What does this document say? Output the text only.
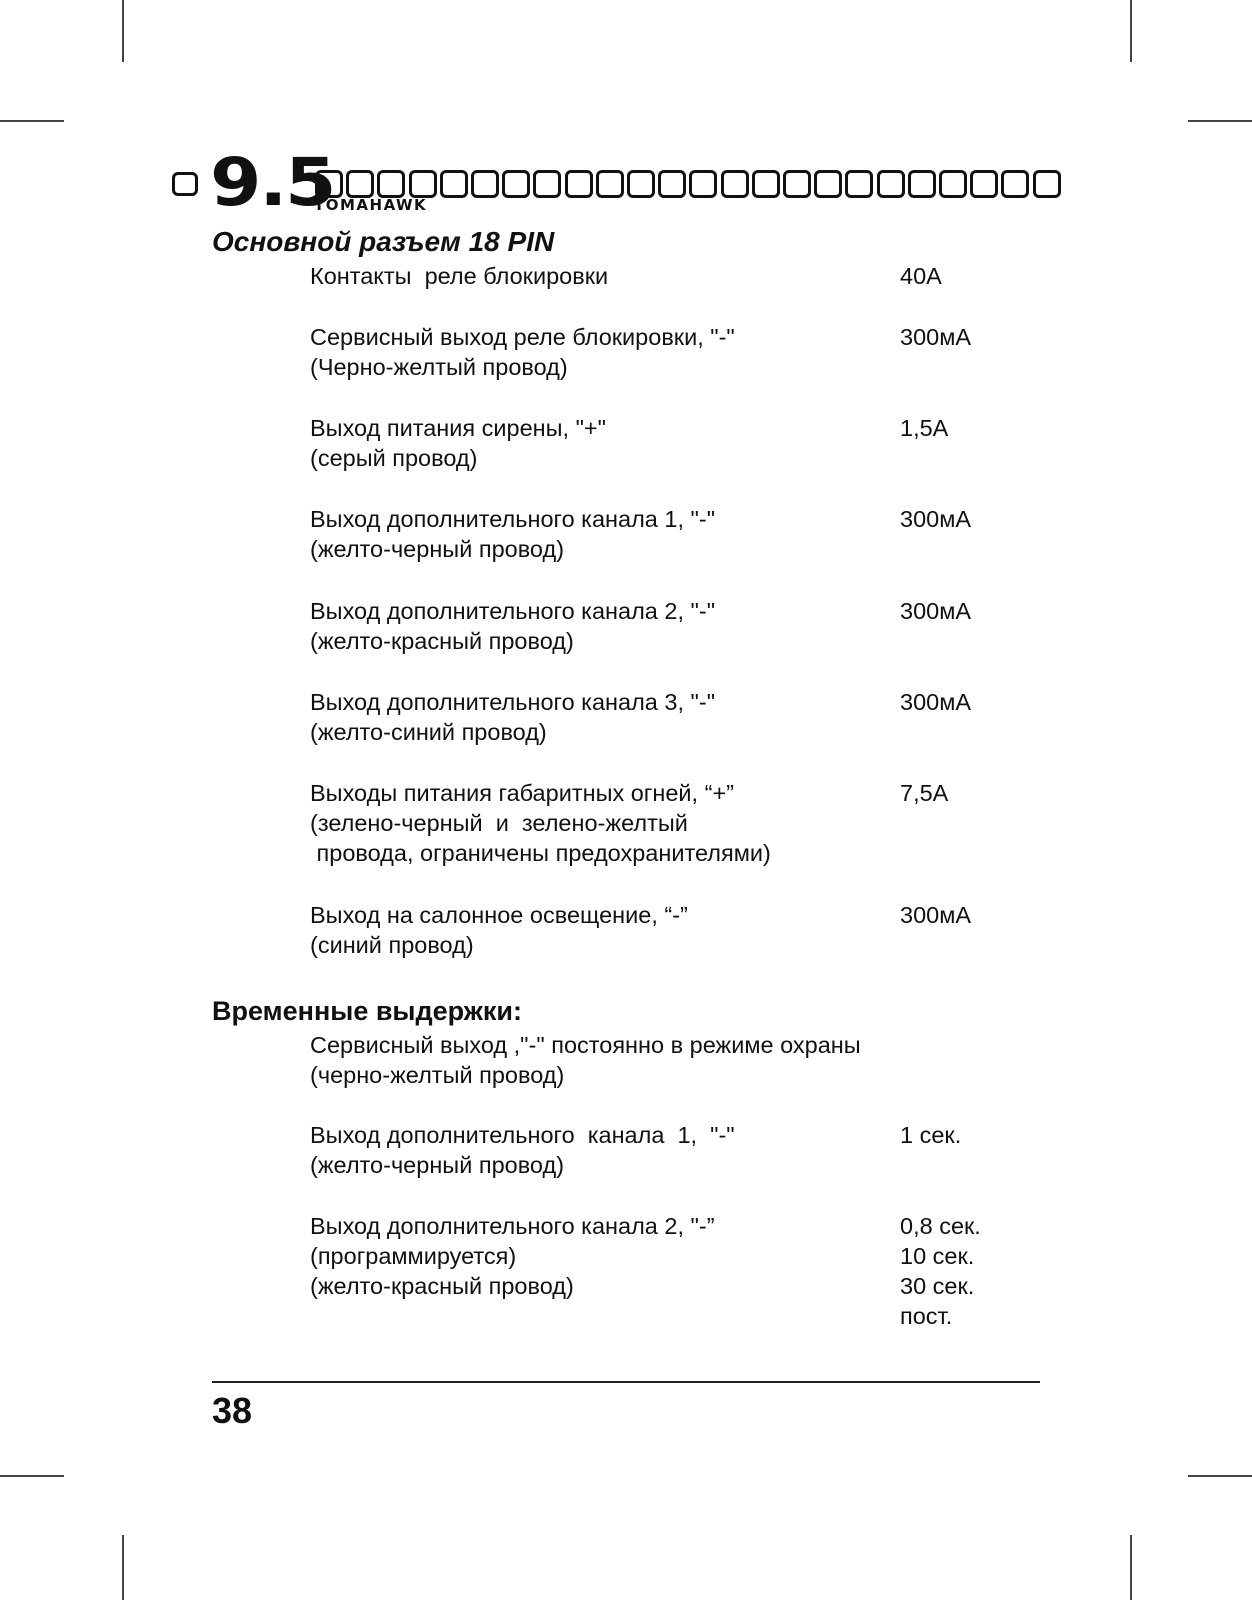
9.5
TOMAHAWK
Основной разъем 18 PIN
Временные выдержки:
Контакты  реле блокировки	40А
Сервисный выход реле блокировки, "-"
(Черно-желтый провод)
300мА
Выход питания сирены, "+"
(серый провод)
1,5А
Выход дополнительного канала 1, "-"
(желто-черный провод)
300мА
Выход дополнительного канала 2, "-"
(желто-красный провод)
300мА
Выход дополнительного канала 3, "-"
(желто-синий провод)
300мА
Выходы питания габаритных огней, “+”
(зелено-черный  и  зелено-желтый
провода, ограничены предохранителями)
7,5А
Выход на салонное освещение, “-”
(синий провод)
300мА
Сервисный выход ,"-" постоянно в режиме охраны
(черно-желтый провод)
Выход дополнительного  канала  1,  "-"
(желто-черный провод)
1 сек.
Выход дополнительного канала 2, "-”
(программируется)
(желто-красный провод)
0,8 сек.
10 сек.
30 сек.
пост.
38
